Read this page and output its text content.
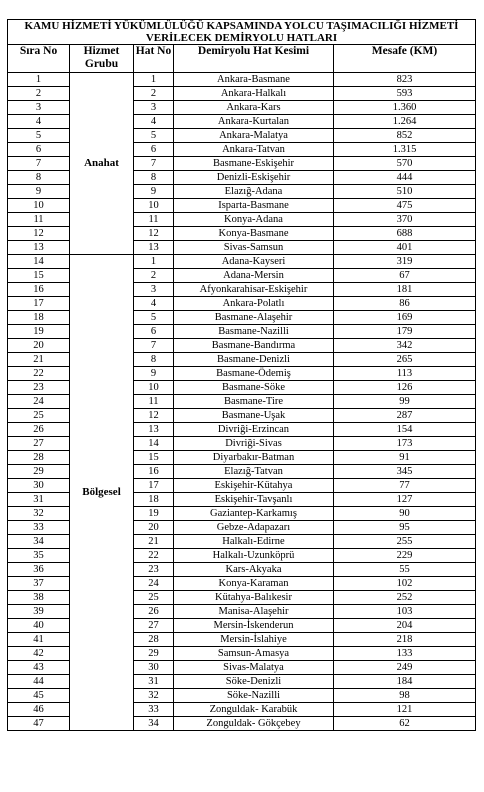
KAMU HİZMETİ YÜKÜMLÜLÜĞÜ KAPSAMINDA YOLCU TAŞIMACILIĞI HİZMETİ VERİLECEK DEMİRYOLU HATLARI				
Sıra No	Hizmet Grubu	Hat No	Demiryolu Hat Kesimi	Mesafe (KM)
1	Anahat	1	Ankara-Basmane	823
2		2	Ankara-Halkalı	593
3		3	Ankara-Kars	1.360
4		4	Ankara-Kurtalan	1.264
5		5	Ankara-Malatya	852
6		6	Ankara-Tatvan	1.315
7		7	Basmane-Eskişehir	570
8		8	Denizli-Eskişehir	444
9		9	Elazığ-Adana	510
10		10	Isparta-Basmane	475
11		11	Konya-Adana	370
12		12	Konya-Basmane	688
13		13	Sivas-Samsun	401
14	Bölgesel	1	Adana-Kayseri	319
15		2	Adana-Mersin	67
16		3	Afyonkarahisar-Eskişehir	181
17		4	Ankara-Polatlı	86
18		5	Basmane-Alaşehir	169
19		6	Basmane-Nazilli	179
20		7	Basmane-Bandırma	342
21		8	Basmane-Denizli	265
22		9	Basmane-Ödemiş	113
23		10	Basmane-Söke	126
24		11	Basmane-Tire	99
25		12	Basmane-Uşak	287
26		13	Divriği-Erzincan	154
27		14	Divriği-Sivas	173
28		15	Diyarbakır-Batman	91
29		16	Elazığ-Tatvan	345
30		17	Eskişehir-Kütahya	77
31		18	Eskişehir-Tavşanlı	127
32		19	Gaziantep-Karkamış	90
33		20	Gebze-Adapazarı	95
34		21	Halkalı-Edirne	255
35		22	Halkalı-Uzunköprü	229
36		23	Kars-Akyaka	55
37		24	Konya-Karaman	102
38		25	Kütahya-Balıkesir	252
39		26	Manisa-Alaşehir	103
40		27	Mersin-İskenderun	204
41		28	Mersin-İslahiye	218
42		29	Samsun-Amasya	133
43		30	Sivas-Malatya	249
44		31	Söke-Denizli	184
45		32	Söke-Nazilli	98
46		33	Zonguldak- Karabük	121
47		34	Zonguldak- Gökçebey	62
